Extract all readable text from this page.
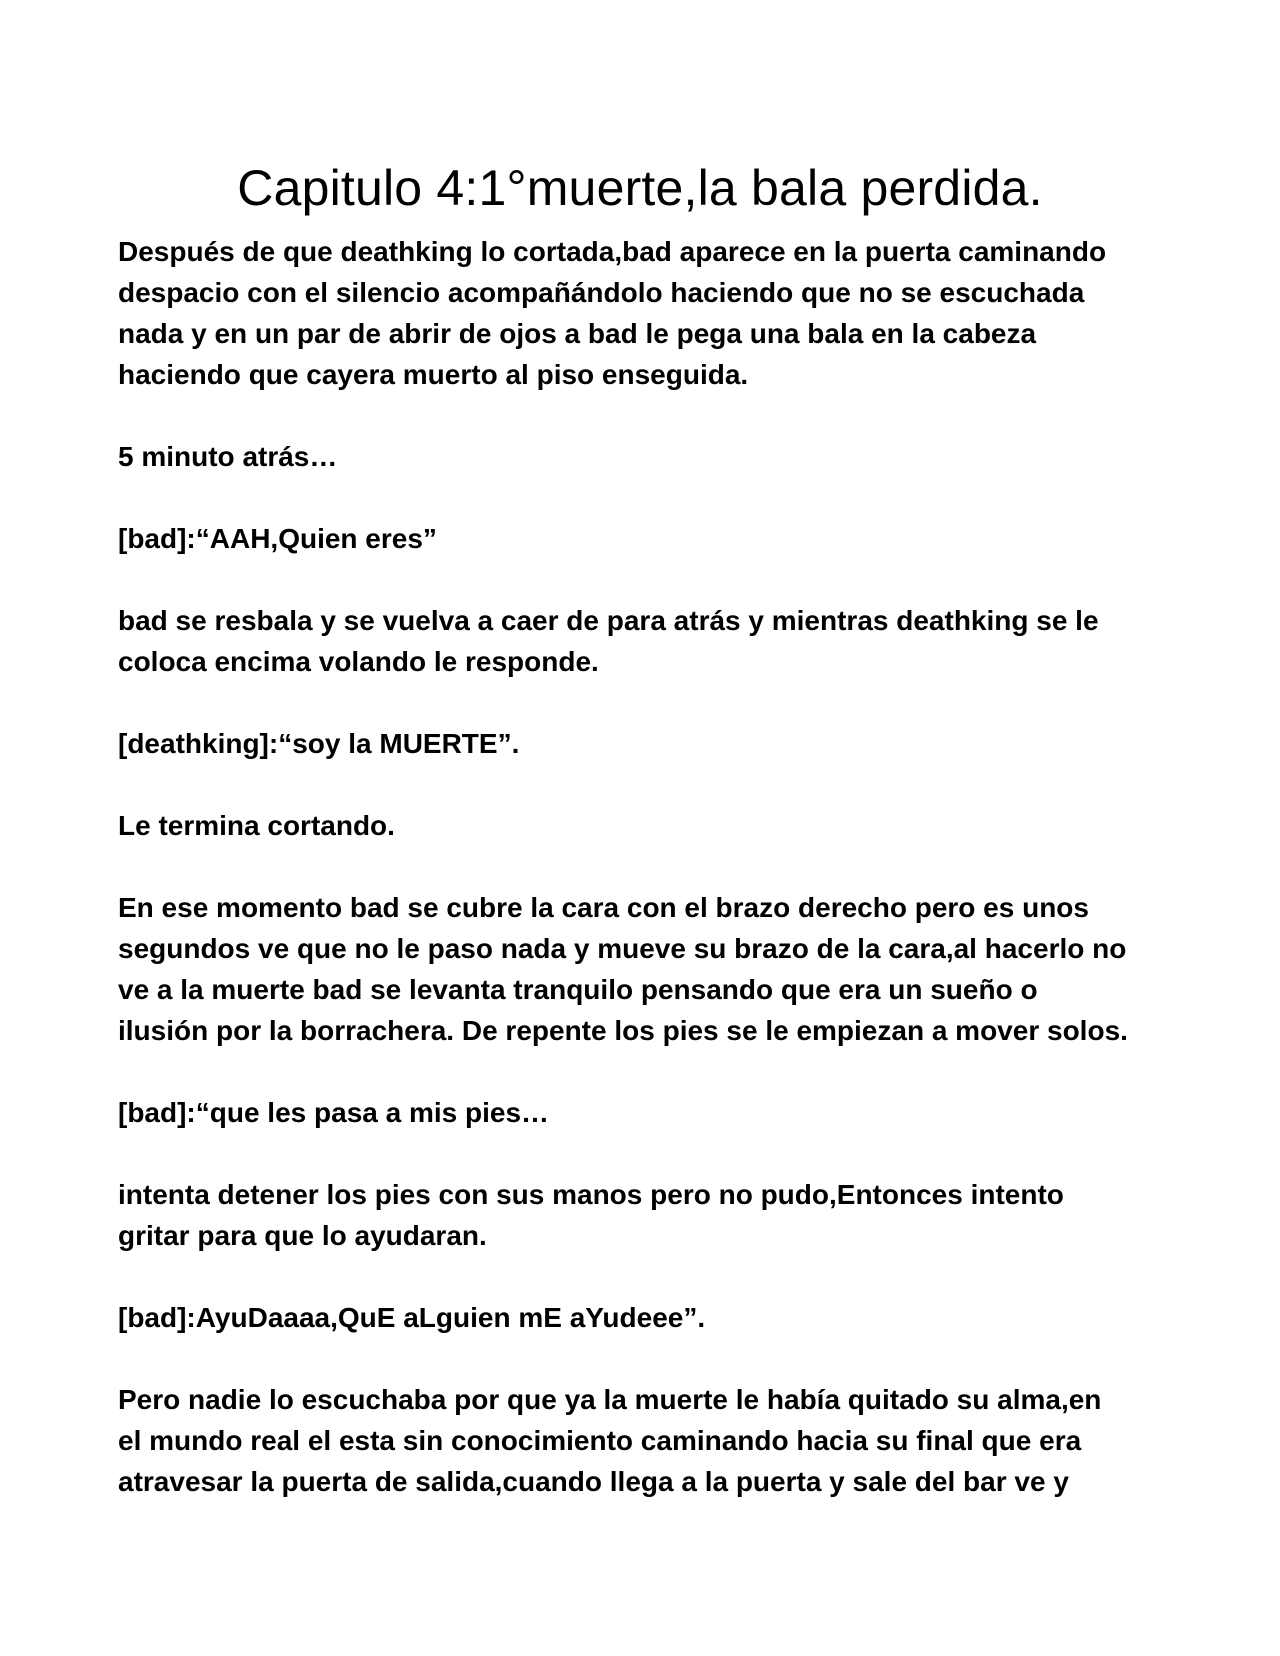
Capitulo 4:1°muerte,la bala perdida.

Después de que deathking lo cortada,bad aparece en la puerta caminando
despacio con el silencio acompañándolo haciendo que no se escuchada
nada y en un par de abrir de ojos a bad le pega una bala en la cabeza
haciendo que cayera muerto al piso enseguida.

5 minuto atrás…

[bad]:“AAH,Quien eres”

bad se resbala y se vuelva a caer de para atrás y mientras deathking se le
coloca encima volando le responde.

[deathking]:“soy la MUERTE”.

Le termina cortando.

En ese momento bad se cubre la cara con el brazo derecho pero es unos
segundos ve que no le paso nada y mueve su brazo de la cara,al hacerlo no
ve a la muerte bad se levanta tranquilo pensando que era un sueño o
ilusión por la borrachera. De repente los pies se le empiezan a mover solos.

[bad]:“que les pasa a mis pies…

intenta detener los pies con sus manos pero no pudo,Entonces intento
gritar para que lo ayudaran.

[bad]:AyuDaaaa,QuE aLguien mE aYudeee”.

Pero nadie lo escuchaba por que ya la muerte le había quitado su alma,en
el mundo real el esta sin conocimiento caminando hacia su final que era
atravesar la puerta de salida,cuando llega a la puerta y sale del bar ve y
